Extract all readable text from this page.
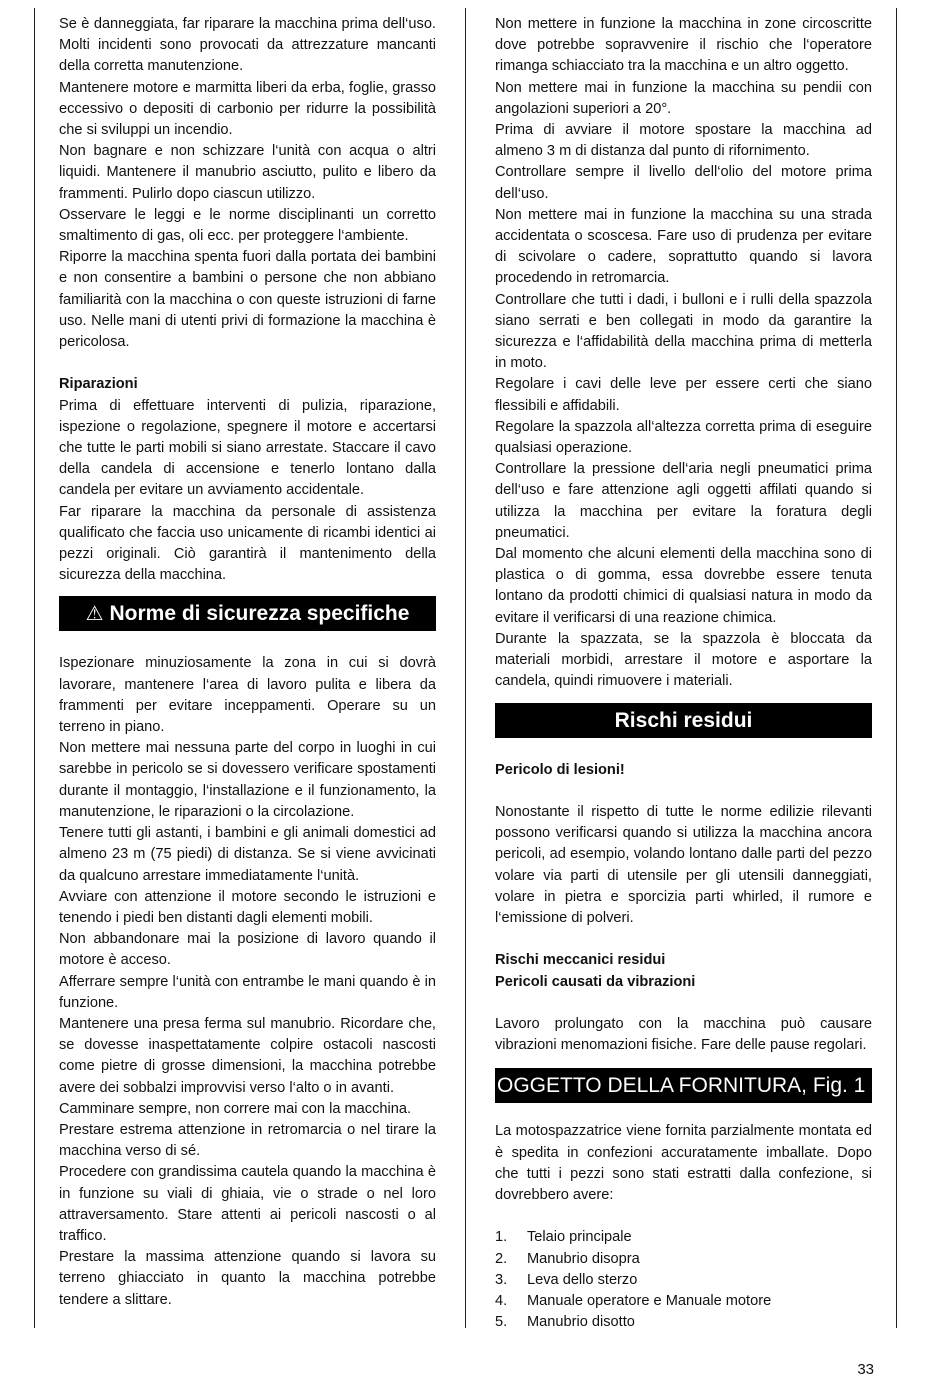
Se è danneggiata, far riparare la macchina prima dell‘uso. Molti incidenti sono provocati da attrezzature mancanti della corretta manutenzione.

Mantenere motore e marmitta liberi da erba, foglie, grasso eccessivo o depositi di carbonio per ridurre la possibilità che si sviluppi un incendio.

Non bagnare e non schizzare l‘unità con acqua o altri liquidi. Mantenere il manubrio asciutto, pulito e libero da frammenti. Pulirlo dopo ciascun utilizzo.

Osservare le leggi e le norme disciplinanti un corretto smaltimento di gas, oli ecc. per proteggere l‘ambiente.

Riporre la macchina spenta fuori dalla portata dei bambini e non consentire a bambini o persone che non abbiano familiarità con la macchina o con queste istruzioni di farne uso. Nelle mani di utenti privi di formazione la macchina è pericolosa.

Riparazioni

Prima di effettuare interventi di pulizia, riparazione, ispezione o regolazione, spegnere il motore e accertarsi che tutte le parti mobili si siano arrestate. Staccare il cavo della candela di accensione e tenerlo lontano dalla candela per evitare un avviamento accidentale.

Far riparare la macchina da personale di assistenza qualificato che faccia uso unicamente di ricambi identici ai pezzi originali. Ciò garantirà il mantenimento della sicurezza della macchina.

⚠ Norme di sicurezza specifiche

Ispezionare minuziosamente la zona in cui si dovrà lavorare, mantenere l‘area di lavoro pulita e libera da frammenti per evitare inceppamenti. Operare su un terreno in piano.

Non mettere mai nessuna parte del corpo in luoghi in cui sarebbe in pericolo se si dovessero verificare spostamenti durante il montaggio, l‘installazione e il funzionamento, la manutenzione, le riparazioni o la circolazione.

Tenere tutti gli astanti, i bambini e gli animali domestici ad almeno 23 m (75 piedi) di distanza. Se si viene avvicinati da qualcuno arrestare immediatamente l‘unità.

Avviare con attenzione il motore secondo le istruzioni e tenendo i piedi ben distanti dagli elementi mobili.

Non abbandonare mai la posizione di lavoro quando il motore è acceso.

Afferrare sempre l‘unità con entrambe le mani quando è in funzione.

Mantenere una presa ferma sul manubrio. Ricordare che, se dovesse inaspettatamente colpire ostacoli nascosti come pietre di grosse dimensioni, la macchina potrebbe avere dei sobbalzi improvvisi verso l‘alto o in avanti.

Camminare sempre, non correre mai con la macchina.

Prestare estrema attenzione in retromarcia o nel tirare la macchina verso di sé.

Procedere con grandissima cautela quando la macchina è in funzione su viali di ghiaia, vie o strade o nel loro attraversamento. Stare attenti ai pericoli nascosti o al traffico.

Prestare la massima attenzione quando si lavora su terreno ghiacciato in quanto la macchina potrebbe tendere a slittare.

Non mettere in funzione la macchina in zone circoscritte dove potrebbe sopravvenire il rischio che l‘operatore rimanga schiacciato tra la macchina e un altro oggetto.

Non mettere mai in funzione la macchina su pendii con angolazioni superiori a 20°.

Prima di avviare il motore spostare la macchina ad almeno 3 m di distanza dal punto di rifornimento.

Controllare sempre il livello dell‘olio del motore prima dell‘uso.

Non mettere mai in funzione la macchina su una strada accidentata o scoscesa. Fare uso di prudenza per evitare di scivolare o cadere, soprattutto quando si lavora procedendo in retromarcia.

Controllare che tutti i dadi, i bulloni e i rulli della spazzola siano serrati e ben collegati in modo da garantire la sicurezza e l‘affidabilità della macchina prima di metterla in moto.

Regolare i cavi delle leve per essere certi che siano flessibili e affidabili.

Regolare la spazzola all‘altezza corretta prima di eseguire qualsiasi operazione.

Controllare la pressione dell‘aria negli pneumatici prima dell‘uso e fare attenzione agli oggetti affilati quando si utilizza la macchina per evitare la foratura degli pneumatici.

Dal momento che alcuni elementi della macchina sono di plastica o di gomma, essa dovrebbe essere tenuta lontano da prodotti chimici di qualsiasi natura in modo da evitare il verificarsi di una reazione chimica.

Durante la spazzata, se la spazzola è bloccata da materiali morbidi, arrestare il motore e asportare la candela, quindi rimuovere i materiali.

Rischi residui

Pericolo di lesioni!

Nonostante il rispetto di tutte le norme edilizie rilevanti possono verificarsi quando si utilizza la macchina ancora pericoli, ad esempio, volando lontano dalle parti del pezzo volare via parti di utensile per gli utensili danneggiati, volare in pietra e sporcizia parti whirled, il rumore e l‘emissione di polveri.

Rischi meccanici residui

Pericoli causati da vibrazioni

Lavoro prolungato con la macchina può causare vibrazioni menomazioni fisiche. Fare delle pause regolari.

OGGETTO DELLA FORNITURA, Fig. 1

La motospazzatrice viene fornita parzialmente montata ed è spedita in confezioni accuratamente imballate. Dopo che tutti i pezzi sono stati estratti dalla confezione, si dovrebbero avere:

1.	Telaio principale
2.	Manubrio disopra
3.	Leva dello sterzo
4.	Manuale operatore e Manuale motore
5.	Manubrio disotto
33
